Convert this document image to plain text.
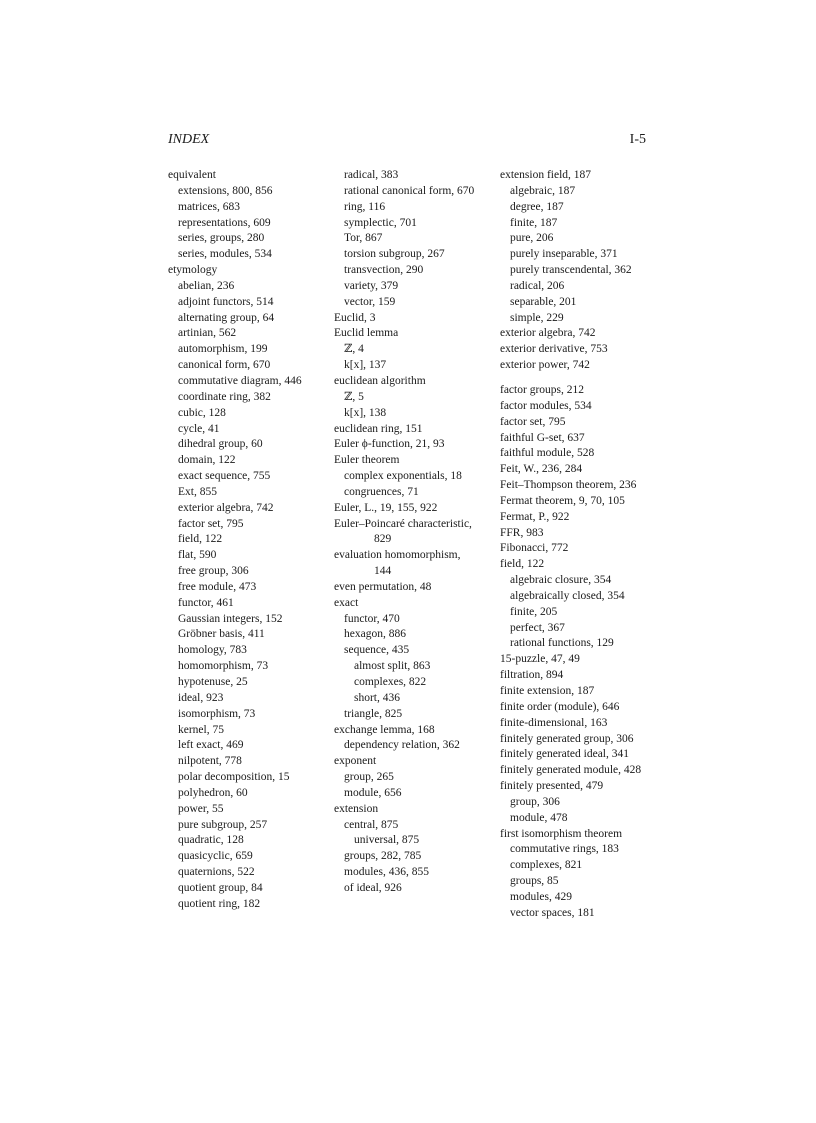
INDEX	I-5
equivalent
extensions, 800, 856
matrices, 683
representations, 609
series, groups, 280
series, modules, 534
etymology
abelian, 236
adjoint functors, 514
alternating group, 64
artinian, 562
automorphism, 199
canonical form, 670
commutative diagram, 446
coordinate ring, 382
cubic, 128
cycle, 41
dihedral group, 60
domain, 122
exact sequence, 755
Ext, 855
exterior algebra, 742
factor set, 795
field, 122
flat, 590
free group, 306
free module, 473
functor, 461
Gaussian integers, 152
Gröbner basis, 411
homology, 783
homomorphism, 73
hypotenuse, 25
ideal, 923
isomorphism, 73
kernel, 75
left exact, 469
nilpotent, 778
polar decomposition, 15
polyhedron, 60
power, 55
pure subgroup, 257
quadratic, 128
quasicyclic, 659
quaternions, 522
quotient group, 84
quotient ring, 182
radical, 383
rational canonical form, 670
ring, 116
symplectic, 701
Tor, 867
torsion subgroup, 267
transvection, 290
variety, 379
vector, 159
Euclid, 3
Euclid lemma
ℤ, 4
k[x], 137
euclidean algorithm
ℤ, 5
k[x], 138
euclidean ring, 151
Euler ϕ-function, 21, 93
Euler theorem
complex exponentials, 18
congruences, 71
Euler, L., 19, 155, 922
Euler–Poincaré characteristic,
829
evaluation homomorphism,
144
even permutation, 48
exact
functor, 470
hexagon, 886
sequence, 435
almost split, 863
complexes, 822
short, 436
triangle, 825
exchange lemma, 168
dependency relation, 362
exponent
group, 265
module, 656
extension
central, 875
universal, 875
groups, 282, 785
modules, 436, 855
of ideal, 926
extension field, 187
algebraic, 187
degree, 187
finite, 187
pure, 206
purely inseparable, 371
purely transcendental, 362
radical, 206
separable, 201
simple, 229
exterior algebra, 742
exterior derivative, 753
exterior power, 742
factor groups, 212
factor modules, 534
factor set, 795
faithful G-set, 637
faithful module, 528
Feit, W., 236, 284
Feit–Thompson theorem, 236
Fermat theorem, 9, 70, 105
Fermat, P., 922
FFR, 983
Fibonacci, 772
field, 122
algebraic closure, 354
algebraically closed, 354
finite, 205
perfect, 367
rational functions, 129
15-puzzle, 47, 49
filtration, 894
finite extension, 187
finite order (module), 646
finite-dimensional, 163
finitely generated group, 306
finitely generated ideal, 341
finitely generated module, 428
finitely presented, 479
group, 306
module, 478
first isomorphism theorem
commutative rings, 183
complexes, 821
groups, 85
modules, 429
vector spaces, 181
